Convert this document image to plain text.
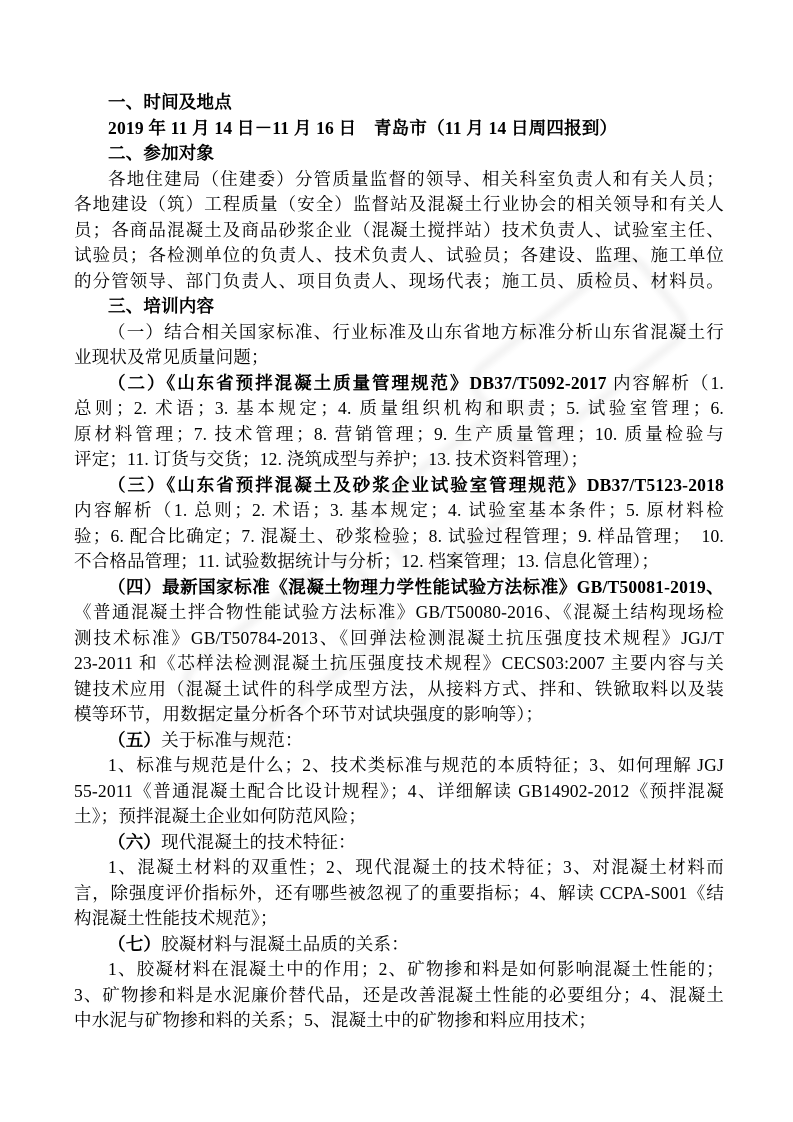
一、时间及地点
2019 年 11 月 14 日－11 月 16 日　青岛市（11 月 14 日周四报到）
二、参加对象
各地住建局（住建委）分管质量监督的领导、相关科室负责人和有关人员；
各地建设（筑）工程质量（安全）监督站及混凝土行业协会的相关领导和有关人
员；各商品混凝土及商品砂浆企业（混凝土搅拌站）技术负责人、试验室主任、
试验员；各检测单位的负责人、技术负责人、试验员；各建设、监理、施工单位
的分管领导、部门负责人、项目负责人、现场代表；施工员、质检员、材料员。
三、培训内容
（一）结合相关国家标准、行业标准及山东省地方标准分析山东省混凝土行
业现状及常见质量问题；
（二）《山东省预拌混凝土质量管理规范》DB37/T5092-2017 内容解析（1.
总则；2. 术语；3. 基本规定；4. 质量组织机构和职责；5. 试验室管理；6.
原材料管理；7. 技术管理；8. 营销管理；9. 生产质量管理；10. 质量检验与
评定；11. 订货与交货；12. 浇筑成型与养护；13. 技术资料管理）；
（三）《山东省预拌混凝土及砂浆企业试验室管理规范》DB37/T5123-2018
内容解析（1. 总则；2. 术语；3. 基本规定；4. 试验室基本条件；5. 原材料检
验；6. 配合比确定；7. 混凝土、砂浆检验；8. 试验过程管理；9. 样品管理；　10.
不合格品管理；11. 试验数据统计与分析；12. 档案管理；13. 信息化管理）；
（四）最新国家标准《混凝土物理力学性能试验方法标准》GB/T50081-2019、
《普通混凝土拌合物性能试验方法标准》GB/T50080-2016、《混凝土结构现场检
测技术标准》GB/T50784-2013、《回弹法检测混凝土抗压强度技术规程》JGJ/T
23-2011 和《芯样法检测混凝土抗压强度技术规程》CECS03:2007 主要内容与关
键技术应用（混凝土试件的科学成型方法，从接料方式、拌和、铁锨取料以及装
模等环节，用数据定量分析各个环节对试块强度的影响等）；
（五）关于标准与规范：
1、标准与规范是什么；2、技术类标准与规范的本质特征；3、如何理解 JGJ
55-2011《普通混凝土配合比设计规程》；4、详细解读 GB14902-2012《预拌混凝
土》；预拌混凝土企业如何防范风险；
（六）现代混凝土的技术特征：
1、混凝土材料的双重性；2、现代混凝土的技术特征；3、对混凝土材料而
言，除强度评价指标外，还有哪些被忽视了的重要指标；4、解读 CCPA-S001《结
构混凝土性能技术规范》；
（七）胶凝材料与混凝土品质的关系：
1、胶凝材料在混凝土中的作用；2、矿物掺和料是如何影响混凝土性能的；
3、矿物掺和料是水泥廉价替代品，还是改善混凝土性能的必要组分；4、混凝土
中水泥与矿物掺和料的关系；5、混凝土中的矿物掺和料应用技术；
